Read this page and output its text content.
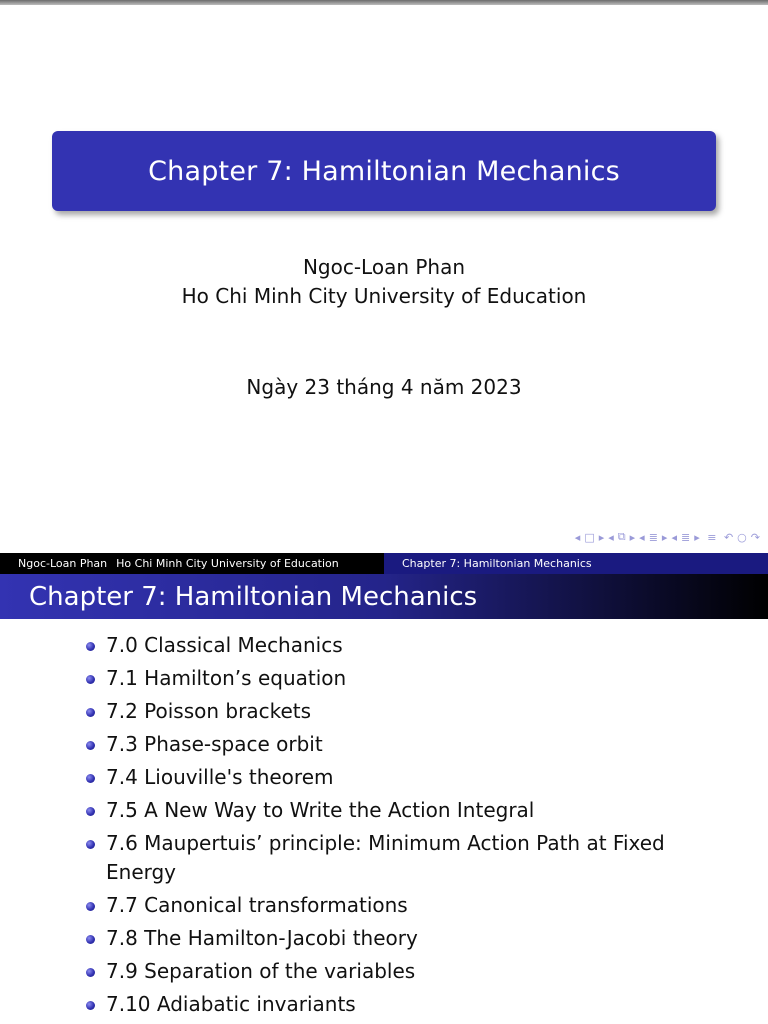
Chapter 7: Hamiltonian Mechanics
Ngoc-Loan Phan
Ho Chi Minh City University of Education
Ngày 23 tháng 4 năm 2023
◂ □ ▸ ◂ ⧉ ▸ ◂ ≣ ▸ ◂ ≣ ▸ ≡ ↶ ○ ↷
Ngoc-Loan Phan Ho Chi Minh City University of Education	Chapter 7: Hamiltonian Mechanics
Chapter 7: Hamiltonian Mechanics
7.0 Classical Mechanics
7.1 Hamilton’s equation
7.2 Poisson brackets
7.3 Phase-space orbit
7.4 Liouville's theorem
7.5 A New Way to Write the Action Integral
7.6 Maupertuis’ principle: Minimum Action Path at Fixed Energy
7.7 Canonical transformations
7.8 The Hamilton-Jacobi theory
7.9 Separation of the variables
7.10 Adiabatic invariants
